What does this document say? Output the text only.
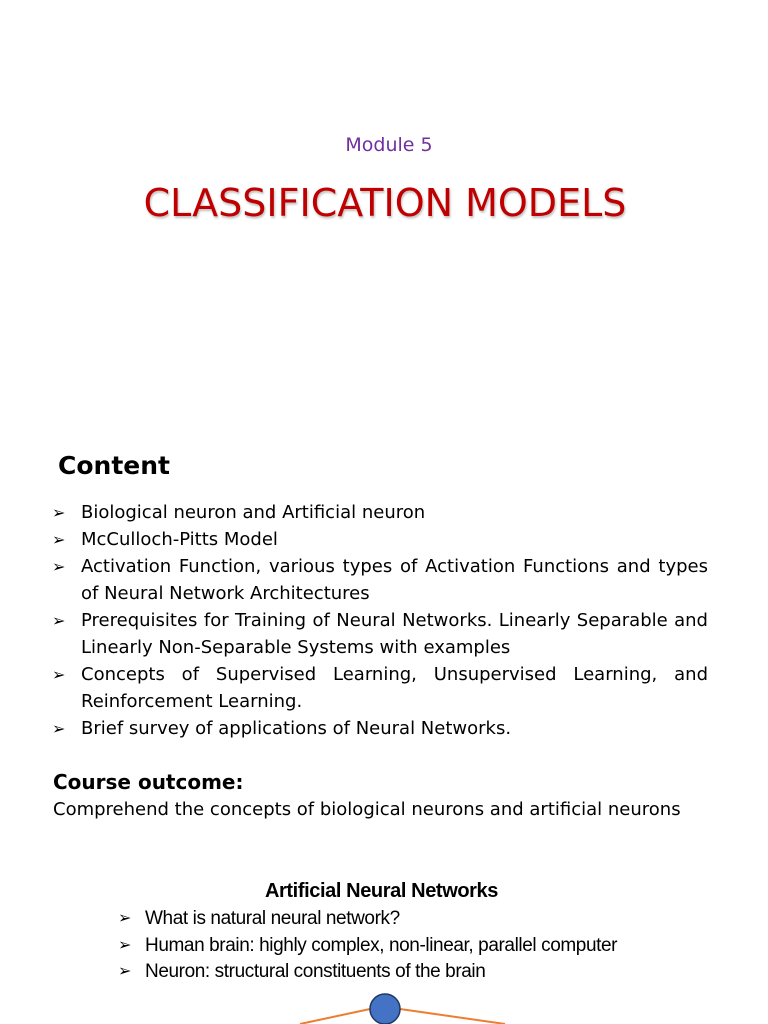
Module 5
CLASSIFICATION MODELS
Content
➢ Biological neuron and Artificial neuron
➢ McCulloch-Pitts Model
➢ Activation Function, various types of Activation Functions and types of Neural Network Architectures
➢ Prerequisites for Training of Neural Networks. Linearly Separable and Linearly Non-Separable Systems with examples
➢ Concepts of Supervised Learning, Unsupervised Learning, and Reinforcement Learning.
➢ Brief survey of applications of Neural Networks.
Course outcome:
Comprehend the concepts of biological neurons and artificial neurons
Artificial Neural Networks
➢ What is natural neural network?
➢ Human brain: highly complex, non-linear, parallel computer
➢ Neuron: structural constituents of the brain
